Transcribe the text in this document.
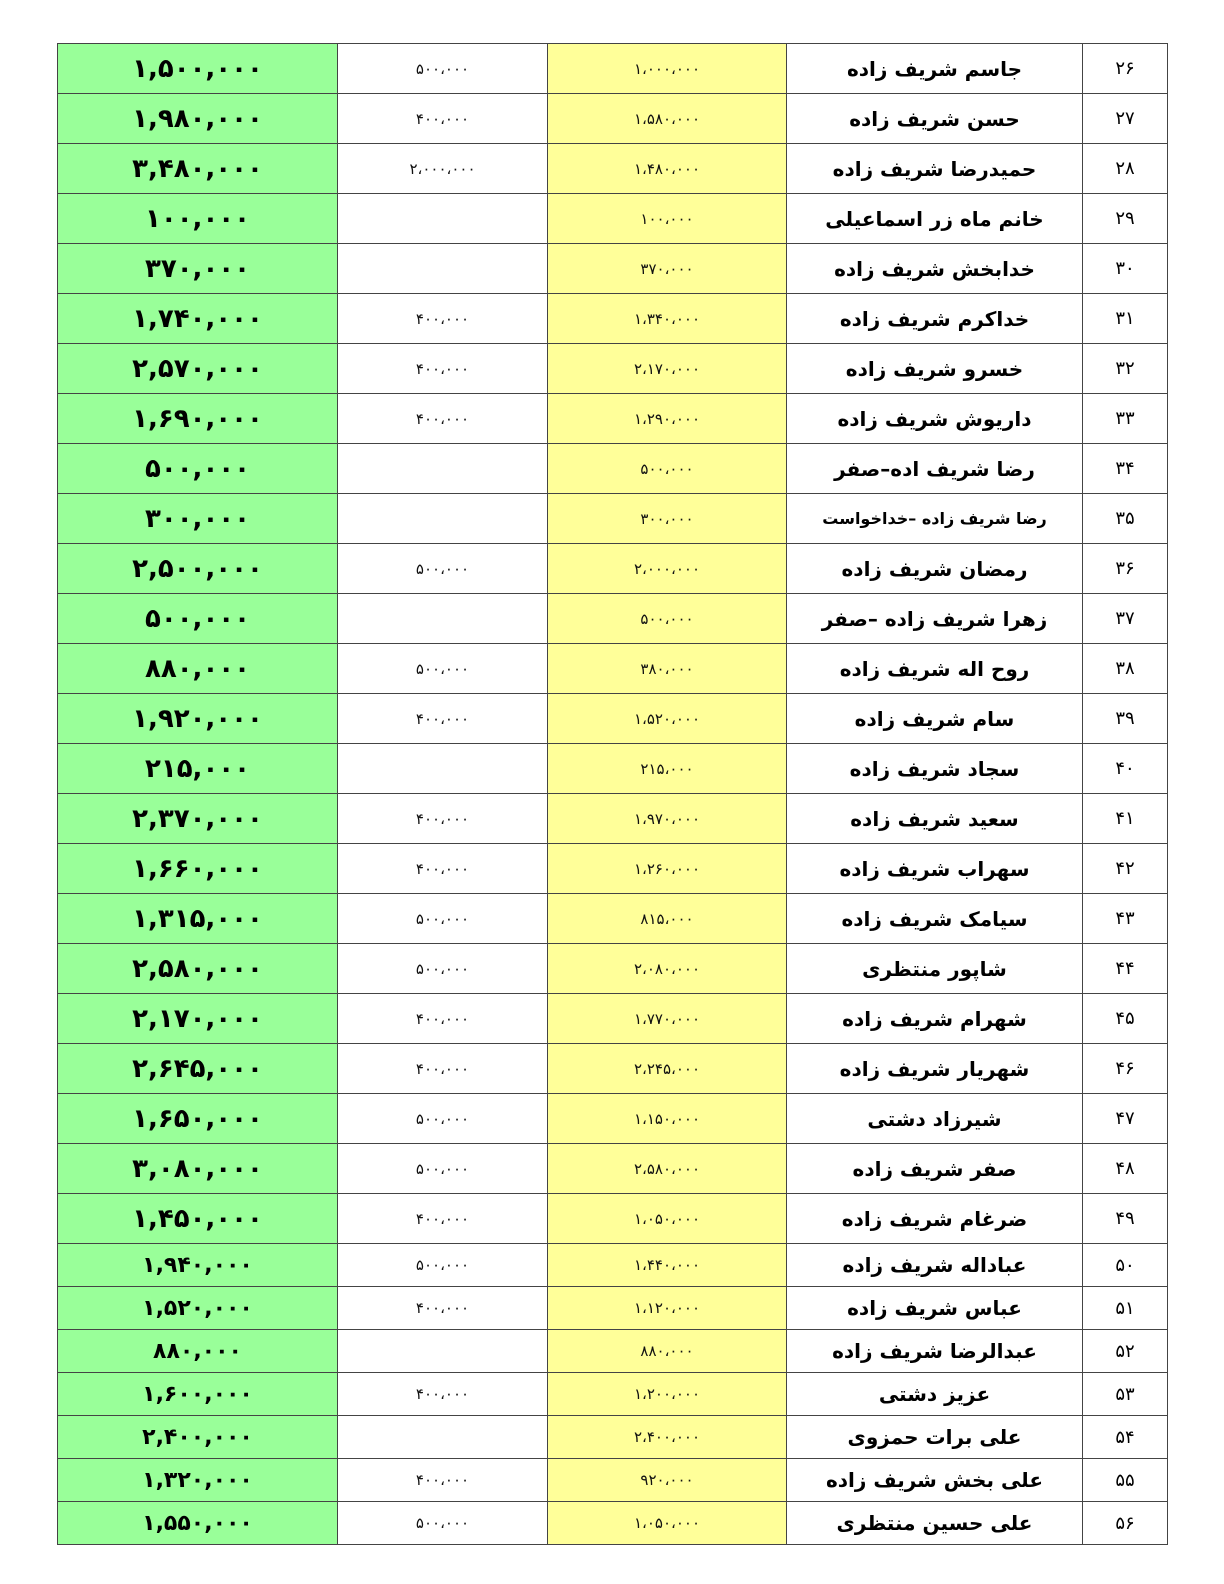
۱,۵۰۰,۰۰۰	۵۰۰،۰۰۰	۱،۰۰۰،۰۰۰	جاسم شریف زاده	۲۶
۱,۹۸۰,۰۰۰	۴۰۰،۰۰۰	۱،۵۸۰،۰۰۰	حسن شریف زاده	۲۷
۳,۴۸۰,۰۰۰	۲،۰۰۰،۰۰۰	۱،۴۸۰،۰۰۰	حمیدرضا شریف زاده	۲۸
۱۰۰,۰۰۰		۱۰۰،۰۰۰	خانم ماه زر اسماعیلی	۲۹
۳۷۰,۰۰۰		۳۷۰،۰۰۰	خدابخش شریف زاده	۳۰
۱,۷۴۰,۰۰۰	۴۰۰،۰۰۰	۱،۳۴۰،۰۰۰	خداکرم شریف زاده	۳۱
۲,۵۷۰,۰۰۰	۴۰۰،۰۰۰	۲،۱۷۰،۰۰۰	خسرو شریف زاده	۳۲
۱,۶۹۰,۰۰۰	۴۰۰،۰۰۰	۱،۲۹۰،۰۰۰	داریوش شریف زاده	۳۳
۵۰۰,۰۰۰		۵۰۰،۰۰۰	رضا شریف اده–صفر	۳۴
۳۰۰,۰۰۰		۳۰۰،۰۰۰	رضا شریف زاده –خداخواست	۳۵
۲,۵۰۰,۰۰۰	۵۰۰،۰۰۰	۲،۰۰۰،۰۰۰	رمضان شریف زاده	۳۶
۵۰۰,۰۰۰		۵۰۰،۰۰۰	زهرا شریف زاده –صفر	۳۷
۸۸۰,۰۰۰	۵۰۰،۰۰۰	۳۸۰،۰۰۰	روح اله شریف زاده	۳۸
۱,۹۲۰,۰۰۰	۴۰۰،۰۰۰	۱،۵۲۰،۰۰۰	سام شریف زاده	۳۹
۲۱۵,۰۰۰		۲۱۵،۰۰۰	سجاد شریف زاده	۴۰
۲,۳۷۰,۰۰۰	۴۰۰،۰۰۰	۱،۹۷۰،۰۰۰	سعید شریف زاده	۴۱
۱,۶۶۰,۰۰۰	۴۰۰،۰۰۰	۱،۲۶۰،۰۰۰	سهراب شریف زاده	۴۲
۱,۳۱۵,۰۰۰	۵۰۰،۰۰۰	۸۱۵،۰۰۰	سیامک شریف زاده	۴۳
۲,۵۸۰,۰۰۰	۵۰۰،۰۰۰	۲،۰۸۰،۰۰۰	شاپور منتظری	۴۴
۲,۱۷۰,۰۰۰	۴۰۰،۰۰۰	۱،۷۷۰،۰۰۰	شهرام شریف زاده	۴۵
۲,۶۴۵,۰۰۰	۴۰۰،۰۰۰	۲،۲۴۵،۰۰۰	شهریار شریف زاده	۴۶
۱,۶۵۰,۰۰۰	۵۰۰،۰۰۰	۱،۱۵۰،۰۰۰	شیرزاد دشتی	۴۷
۳,۰۸۰,۰۰۰	۵۰۰،۰۰۰	۲،۵۸۰،۰۰۰	صفر شریف زاده	۴۸
۱,۴۵۰,۰۰۰	۴۰۰،۰۰۰	۱،۰۵۰،۰۰۰	ضرغام شریف زاده	۴۹
۱,۹۴۰,۰۰۰	۵۰۰،۰۰۰	۱،۴۴۰،۰۰۰	عباداله شریف زاده	۵۰
۱,۵۲۰,۰۰۰	۴۰۰،۰۰۰	۱،۱۲۰،۰۰۰	عباس شریف زاده	۵۱
۸۸۰,۰۰۰		۸۸۰،۰۰۰	عبدالرضا شریف زاده	۵۲
۱,۶۰۰,۰۰۰	۴۰۰،۰۰۰	۱،۲۰۰،۰۰۰	عزیز دشتی	۵۳
۲,۴۰۰,۰۰۰		۲،۴۰۰،۰۰۰	علی برات حمزوی	۵۴
۱,۳۲۰,۰۰۰	۴۰۰،۰۰۰	۹۲۰،۰۰۰	علی بخش شریف زاده	۵۵
۱,۵۵۰,۰۰۰	۵۰۰،۰۰۰	۱،۰۵۰،۰۰۰	علی حسین منتظری	۵۶
